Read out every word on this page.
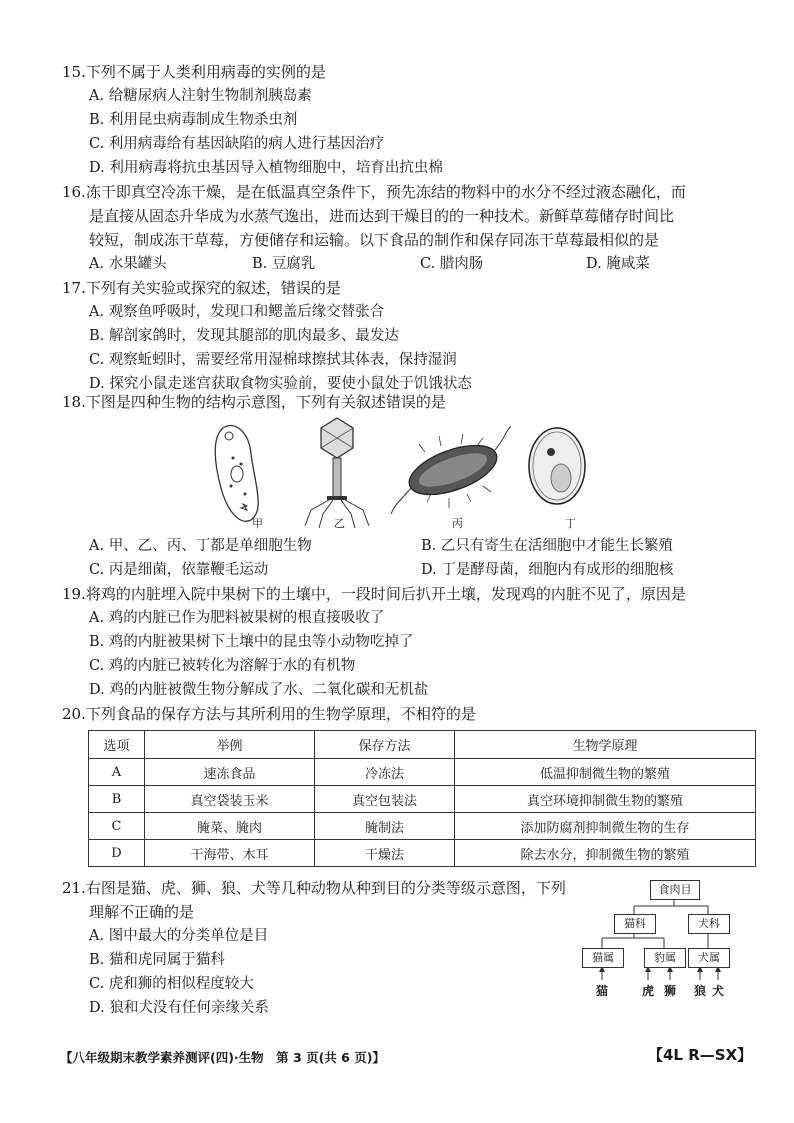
15.下列不属于人类利用病毒的实例的是
A. 给糖尿病人注射生物制剂胰岛素
B. 利用昆虫病毒制成生物杀虫剂
C. 利用病毒给有基因缺陷的病人进行基因治疗
D. 利用病毒将抗虫基因导入植物细胞中，培育出抗虫棉
16.冻干即真空冷冻干燥，是在低温真空条件下，预先冻结的物料中的水分不经过液态融化，而
是直接从固态升华成为水蒸气逸出，进而达到干燥目的的一种技术。新鲜草莓储存时间比
较短，制成冻干草莓，方便储存和运输。以下食品的制作和保存同冻干草莓最相似的是
A. 水果罐头	B. 豆腐乳	C. 腊肉肠	D. 腌咸菜
17.下列有关实验或探究的叙述，错误的是
A. 观察鱼呼吸时，发现口和鳃盖后缘交替张合
B. 解剖家鸽时，发现其腿部的肌肉最多、最发达
C. 观察蚯蚓时，需要经常用湿棉球擦拭其体表，保持湿润
D. 探究小鼠走迷宫获取食物实验前，要使小鼠处于饥饿状态
18.下图是四种生物的结构示意图，下列有关叙述错误的是
甲	乙	丙	丁
A. 甲、乙、丙、丁都是单细胞生物	B. 乙只有寄生在活细胞中才能生长繁殖
C. 丙是细菌，依靠鞭毛运动	D. 丁是酵母菌，细胞内有成形的细胞核
19.将鸡的内脏埋入院中果树下的土壤中，一段时间后扒开土壤，发现鸡的内脏不见了，原因是
A. 鸡的内脏已作为肥料被果树的根直接吸收了
B. 鸡的内脏被果树下土壤中的昆虫等小动物吃掉了
C. 鸡的内脏已被转化为溶解于水的有机物
D. 鸡的内脏被微生物分解成了水、二氧化碳和无机盐
20.下列食品的保存方法与其所利用的生物学原理，不相符的是
选项	举例	保存方法	生物学原理
A	速冻食品	冷冻法	低温抑制微生物的繁殖
B	真空袋装玉米	真空包装法	真空环境抑制微生物的繁殖
C	腌菜、腌肉	腌制法	添加防腐剂抑制微生物的生存
D	干海带、木耳	干燥法	除去水分，抑制微生物的繁殖
21.右图是猫、虎、狮、狼、犬等几种动物从种到目的分类等级示意图，下列
理解不正确的是
A. 图中最大的分类单位是目
B. 猫和虎同属于猫科
C. 虎和狮的相似程度较大
D. 狼和犬没有任何亲缘关系
食肉目
猫科	犬科
猫属	豹属	犬属
猫	虎 狮 狼 犬
【八年级期末教学素养测评(四)·生物　第 3 页(共 6 页)】	【4L R—SX】
